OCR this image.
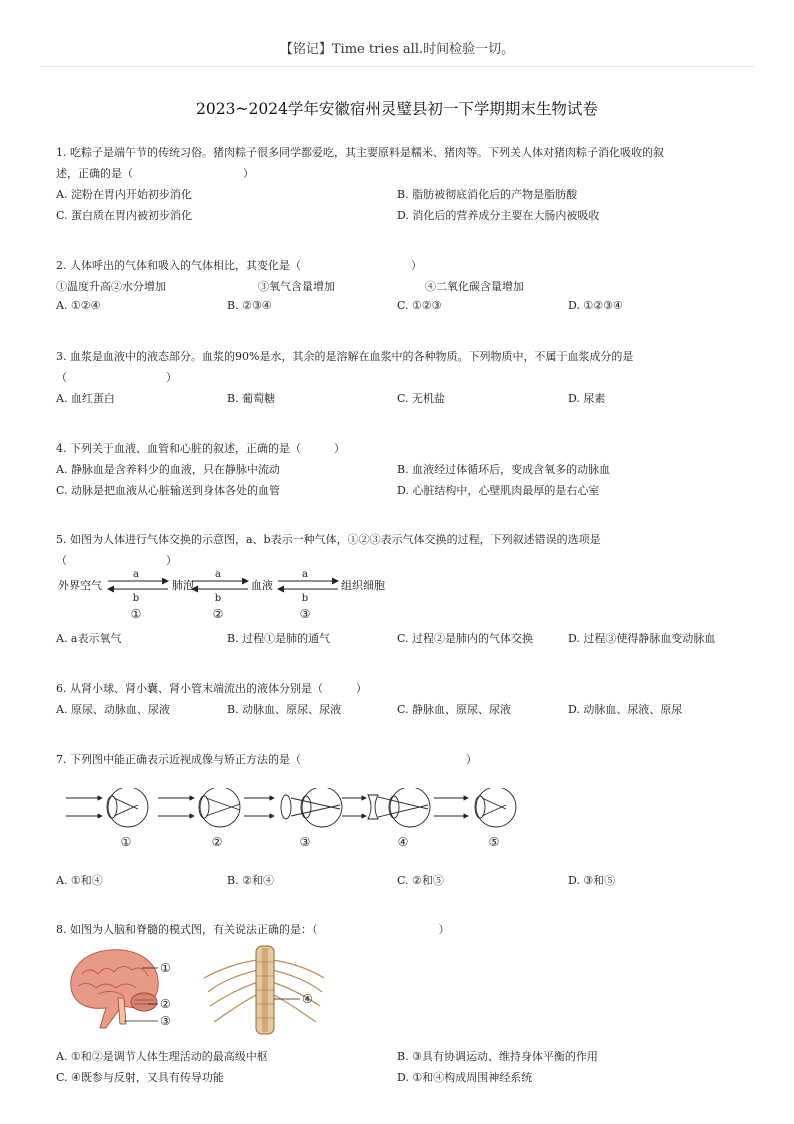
【铭记】Time tries all.时间检验一切。
2023~2024学年安徽宿州灵璧县初一下学期期末生物试卷
1. 吃粽子是端午节的传统习俗。猪肉粽子很多同学都爱吃，其主要原料是糯米、猪肉等。下列关人体对猪肉粽子消化吸收的叙
述，正确的是（　　　　　　　　　　）
A. 淀粉在胃内开始初步消化	B. 脂肪被彻底消化后的产物是脂肪酸
C. 蛋白质在胃内被初步消化	D. 消化后的营养成分主要在大肠内被吸收
2. 人体呼出的气体和吸入的气体相比，其变化是（　　　　　　　　　　）
①温度升高②水分增加	③氧气含量增加	④二氧化碳含量增加
A. ①②④	B. ②③④	C. ①②③	D. ①②③④
3. 血浆是血液中的液态部分。血浆的90%是水，其余的是溶解在血浆中的各种物质。下列物质中，不属于血浆成分的是
（　　　　　　　　　）
A. 血红蛋白	B. 葡萄糖	C. 无机盐	D. 尿素
4. 下列关于血液、血管和心脏的叙述，正确的是（　　　）
A. 静脉血是含养料少的血液，只在静脉中流动	B. 血液经过体循环后，变成含氧多的动脉血
C. 动脉是把血液从心脏输送到身体各处的血管	D. 心脏结构中，心壁肌肉最厚的是右心室
5. 如图为人体进行气体交换的示意图，a、b表示一种气体，①②③表示气体交换的过程，下列叙述错误的选项是
（　　　　　　　　　）
外界空气	肺泡	血液	组织细胞
a
b
a
b
a
b
①	②	③
A. a表示氧气	B. 过程①是肺的通气	C. 过程②是肺内的气体交换	D. 过程③使得静脉血变动脉血
6. 从肾小球、肾小囊、肾小管末端流出的液体分别是（　　　）
A. 原尿、动脉血、尿液	B. 动脉血、原尿、尿液	C. 静脉血、原尿、尿液	D. 动脉血、尿液、原尿
7. 下列图中能正确表示近视成像与矫正方法的是（　　　　　　　　　　　　　　　）
①	②	③	④	⑤
A. ①和④	B. ②和④	C. ②和⑤	D. ③和⑤
8. 如图为人脑和脊髓的模式图，有关说法正确的是：（　　　　　　　　　　　）
①
②
③
④
A. ①和②是调节人体生理活动的最高级中枢	B. ③具有协调运动、维持身体平衡的作用
C. ④既参与反射，又具有传导功能	D. ①和④构成周围神经系统
